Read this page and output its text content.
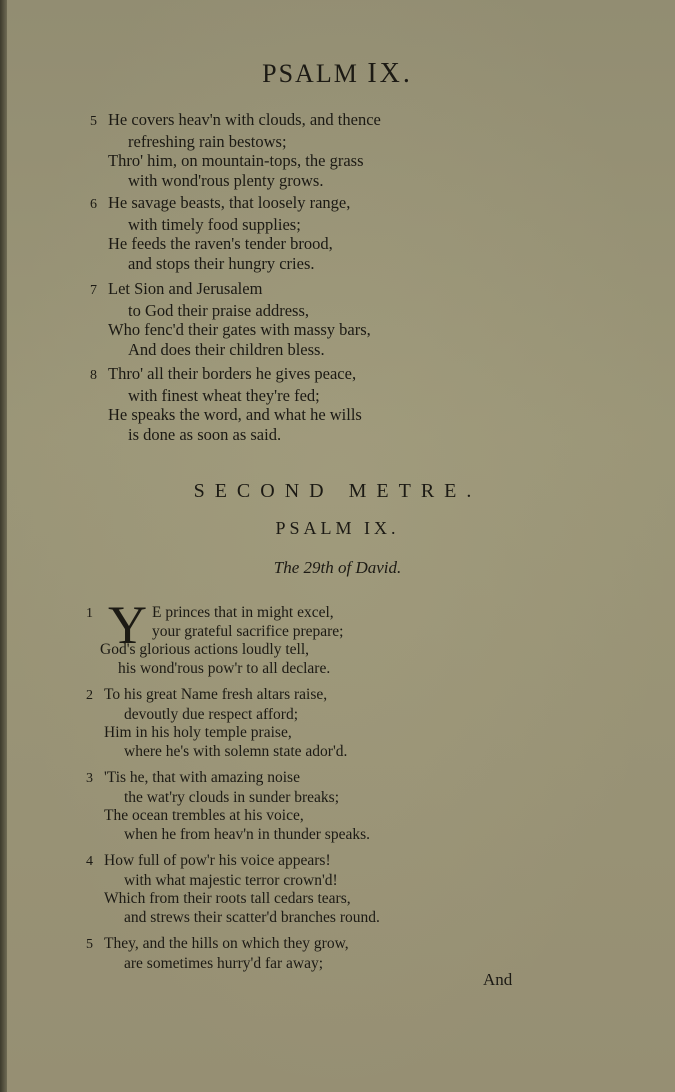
PSALM IX.
5 He covers heav'n with clouds, and thence
refreshing rain bestows;
Thro' him, on mountain-tops, the grass
with wond'rous plenty grows.
6 He savage beasts, that loosely range,
with timely food supplies;
He feeds the raven's tender brood,
and stops their hungry cries.
7 Let Sion and Jerusalem
to God their praise address,
Who fenc'd their gates with massy bars,
And does their children bless.
8 Thro' all their borders he gives peace,
with finest wheat they're fed;
He speaks the word, and what he wills
is done as soon as said.
SECOND METRE.
PSALM IX.
The 29th of David.
1 Y E princes that in might excel,
your grateful sacrifice prepare;
God's glorious actions loudly tell,
his wond'rous pow'r to all declare.
2 To his great Name fresh altars raise,
devoutly due respect afford;
Him in his holy temple praise,
where he's with solemn state ador'd.
3 'Tis he, that with amazing noise
the wat'ry clouds in sunder breaks;
The ocean trembles at his voice,
when he from heav'n in thunder speaks.
4 How full of pow'r his voice appears!
with what majestic terror crown'd!
Which from their roots tall cedars tears,
and strews their scatter'd branches round.
5 They, and the hills on which they grow,
are sometimes hurry'd far away;
And
